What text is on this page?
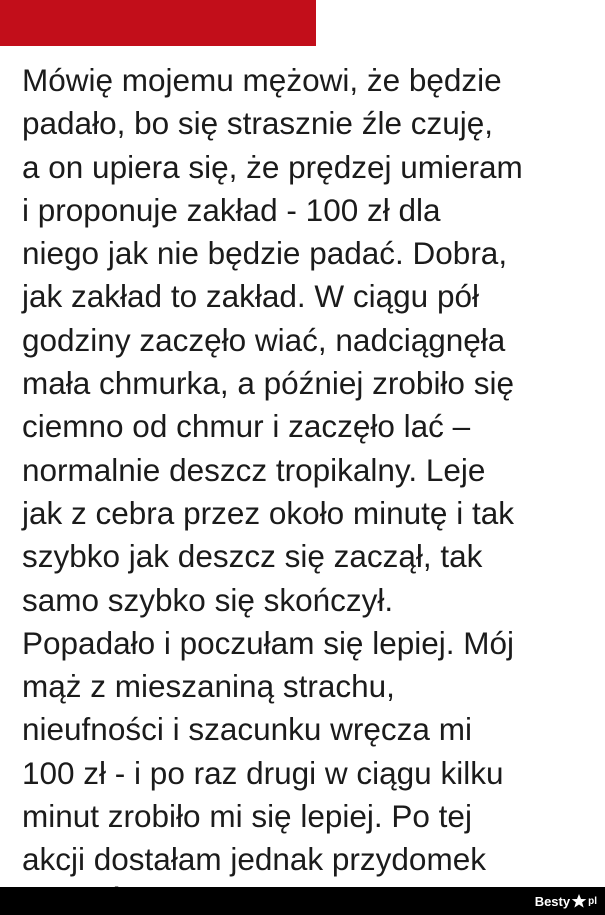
Mówię mojemu mężowi, że będzie
padało, bo się strasznie źle czuję,
a on upiera się, że prędzej umieram
i proponuje zakład - 100 zł dla
niego jak nie będzie padać. Dobra,
jak zakład to zakład. W ciągu pół
godziny zaczęło wiać, nadciągnęła
mała chmurka, a później zrobiło się
ciemno od chmur i zaczęło lać –
normalnie deszcz tropikalny. Leje
jak z cebra przez około minutę i tak
szybko jak deszcz się zaczął, tak
samo szybko się skończył.
Popadało i poczułam się lepiej. Mój
mąż z mieszaniną strachu,
nieufności i szacunku wręcza mi
100 zł - i po raz drugi w ciągu kilku
minut zrobiło mi się lepiej. Po tej
akcji dostałam jednak przydomek
Besty pl
